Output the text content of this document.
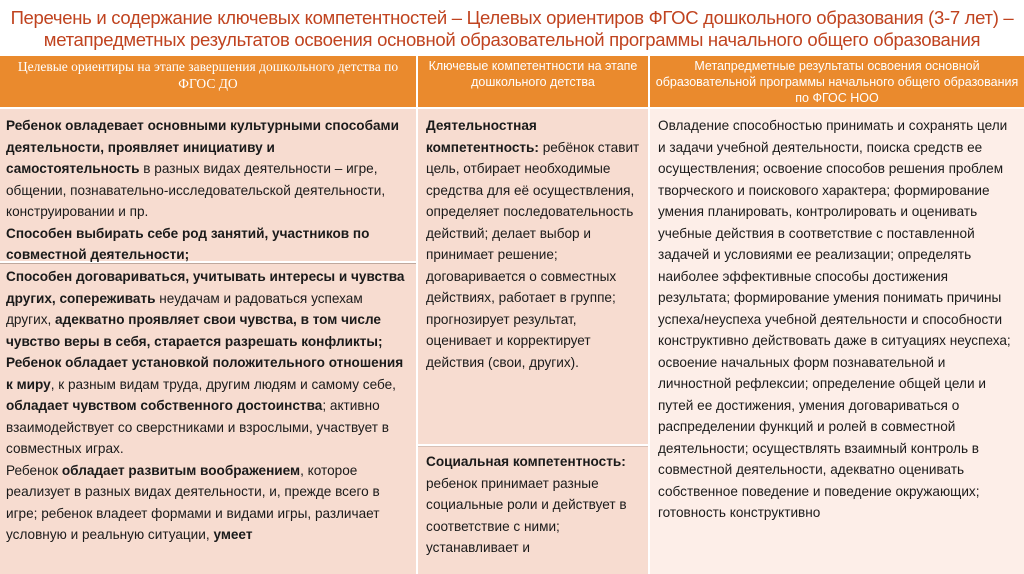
Перечень и содержание ключевых компетентностей – Целевых ориентиров ФГОС дошкольного образования (3-7 лет) –
метапредметных результатов освоения основной образовательной программы начального общего образования
Целевые ориентиры на этапе завершения дошкольного детства по ФГОС ДО
Ключевые компетентности на этапе дошкольного детства
Метапредметные результаты освоения основной образовательной программы начального общего образования по ФГОС НОО
Ребенок овладевает основными культурными способами деятельности, проявляет инициативу и самостоятельность в разных видах деятельности – игре, общении, познавательно-исследовательской деятельности, конструировании и пр.
Способен выбирать себе род занятий, участников по совместной деятельности;
Способен договариваться, учитывать интересы и чувства других, сопереживать неудачам и радоваться успехам других, адекватно проявляет свои чувства, в том числе чувство веры в себя, старается разрешать конфликты;
Ребенок обладает установкой положительного отношения к миру, к разным видам труда, другим людям и самому себе, обладает чувством собственного достоинства; активно взаимодействует со сверстниками и взрослыми, участвует в совместных играх.
Ребенок обладает развитым воображением, которое реализует в разных видах деятельности, и, прежде всего в игре; ребенок владеет формами и видами игры, различает условную и реальную ситуации, умеет
Деятельностная компетентность: ребёнок ставит цель, отбирает необходимые средства для её осуществления, определяет последовательность действий; делает выбор и принимает решение; договаривается о совместных действиях, работает в группе; прогнозирует результат, оценивает и корректирует действия (свои, других).
Социальная компетентность: ребенок принимает разные социальные роли и действует в соответствие с ними; устанавливает и

Овладение способностью принимать и сохранять цели и задачи учебной деятельности, поиска средств ее осуществления; освоение способов решения проблем творческого и поискового характера; формирование умения планировать, контролировать и оценивать учебные действия в соответствие с поставленной задачей и условиями ее реализации; определять наиболее эффективные способы достижения результата; формирование умения понимать причины успеха/неуспеха учебной деятельности и способности конструктивно действовать даже в ситуациях неуспеха; освоение начальных форм познавательной и личностной рефлексии; определение общей цели и путей ее достижения, умения договариваться о распределении функций и ролей в совместной деятельности; осуществлять взаимный контроль в совместной деятельности, адекватно оценивать собственное поведение и поведение окружающих; готовность конструктивно
